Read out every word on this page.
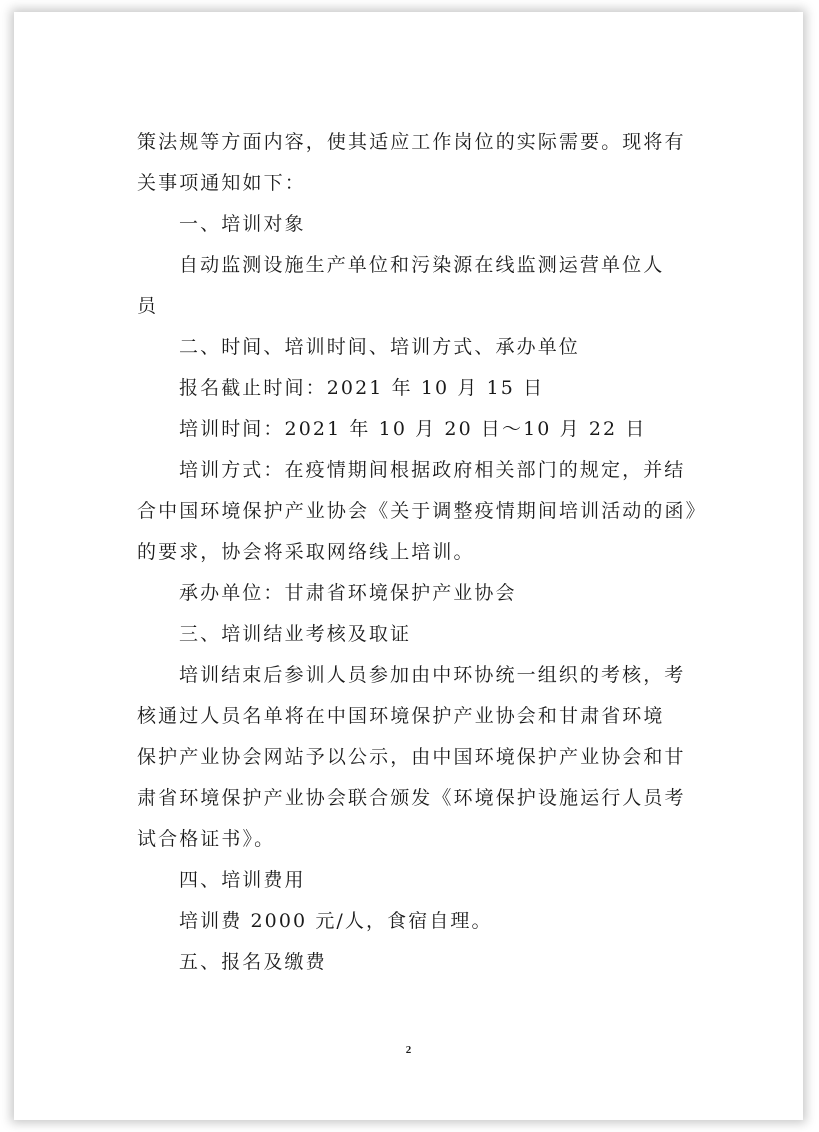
策法规等方面内容，使其适应工作岗位的实际需要。现将有

关事项通知如下：

一、培训对象

自动监测设施生产单位和污染源在线监测运营单位人

员

二、时间、培训时间、培训方式、承办单位

报名截止时间：2021 年 10 月 15 日

培训时间：2021 年 10 月 20 日～10 月 22 日

培训方式：在疫情期间根据政府相关部门的规定，并结

合中国环境保护产业协会《关于调整疫情期间培训活动的函》

的要求，协会将采取网络线上培训。

承办单位：甘肃省环境保护产业协会

三、培训结业考核及取证

培训结束后参训人员参加由中环协统一组织的考核，考

核通过人员名单将在中国环境保护产业协会和甘肃省环境

保护产业协会网站予以公示，由中国环境保护产业协会和甘

肃省环境保护产业协会联合颁发《环境保护设施运行人员考

试合格证书》。

四、培训费用

培训费 2000 元/人，食宿自理。

五、报名及缴费

2
